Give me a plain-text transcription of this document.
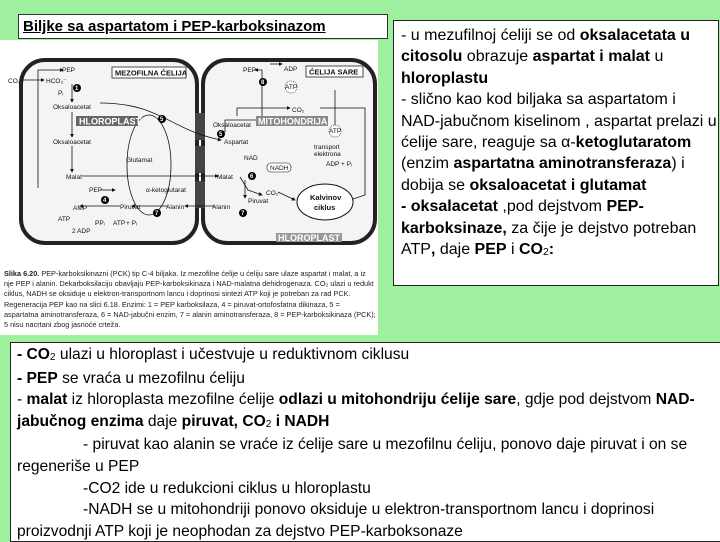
Biljke sa aspartatom i PEP-karboksinazom
MEZOFILNA ĆELIJA	ĆELIJA SARE
HLOROPLAST	MITOHONDRIJA
HLOROPLAST
CO₂	HCO₃⁻
PEP
Pᵢ
Oksaloacetat
Oksaloacetat
Malat
PEP
AMP
ATP
2 ADP
PPᵢ ATP + Pᵢ
Piruvat	Alanin
Glutamat
α-ketoglutarat
PEP	ADP
ATP
CO₂
Oksaloacetat
Aspartat
ATP
transport
elektrona
NAD
ADP + Pᵢ
NADH
Malat
CO₂
Piruvat
Alanin
Kalvinov
ciklus
1
4
5
5
6
7	7
8
Slika 6.20. PEP-karboksikinazni (PCK) tip C-4 biljaka. Iz mezofilne ćelije u ćeliju sare ulaze aspartat i malat, a iz nje PEP i alanin. Dekarboksilaciju obavljaju PEP-karboksikinaza i NAD-malatna dehidrogenaza. CO₂ ulazi u redukt ciklus, NADH se oksiduje u elektron-transportnom lancu i doprinosi sintezi ATP koji je potreban za rad PCK. Regeneracija PEP kao na slici 6.18. Enzimi: 1 = PEP karboksilaza, 4 = piruvat-ortofosfatna dikinaza, 5 = aspartatna aminotransferaza, 6 = NAD-jabučni enzim, 7 = alanin aminotransferaza, 8 = PEP-karboksikinaza (PCK); 5 nisu nacrtani zbog jasnoće crteža.
- u mezufilnoj ćeliji se od oksalacetata u citosolu obrazuje aspartat i malat u hloroplastu
- slično kao kod biljaka sa aspartatom i NAD-jabučnom kiselinom , aspartat prelazi u ćelije sare, reaguje sa α-ketoglutaratom (enzim aspartatna aminotransferaza) i dobija se oksaloacetat i glutamat
- oksalacetat ,pod dejstvom PEP-karboksinaze, za čije je dejstvo potreban ATP, daje PEP i $CO_2$:
- $CO_2$ ulazi u hloroplast i učestvuje u reduktivnom ciklusu
- PEP se vraća u mezofilnu ćeliju
- malat iz hloroplasta mezofilne ćelije odlazi u mitohondriju ćelije sare, gdje pod dejstvom NAD-jabučnog enzima daje piruvat, $CO_2$ i NADH
- piruvat kao alanin se vraće iz ćelije sare u mezofilnu ćeliju, ponovo daje piruvat i on se regeneriše u PEP
-CO2 ide u redukcioni ciklus u hloroplastu
-NADH se u mitohondriji ponovo oksiduje u elektron-transportnom lancu i doprinosi proizvodnji ATP koji je neophodan za dejstvo PEP-karboksonaze
